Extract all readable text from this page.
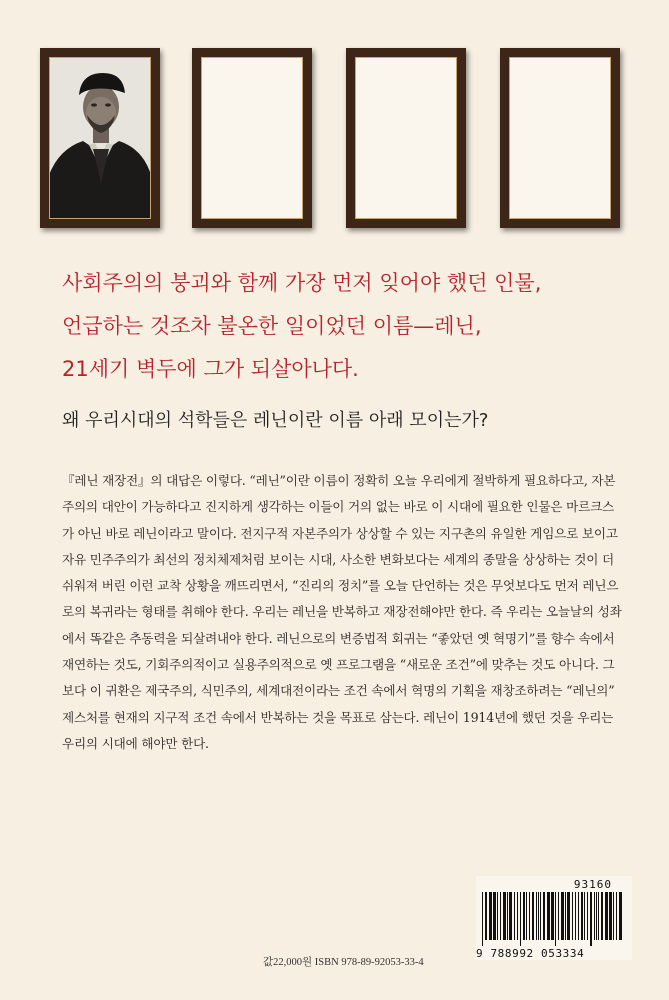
사회주의의 붕괴와 함께 가장 먼저 잊어야 했던 인물,
언급하는 것조차 불온한 일이었던 이름—레닌,
21세기 벽두에 그가 되살아나다.
왜 우리시대의 석학들은 레닌이란 이름 아래 모이는가?

『레닌 재장전』의 대답은 이렇다. “레닌”이란 이름이 정확히 오늘 우리에게 절박하게 필요하다고, 자본주의의 대안이 가능하다고 진지하게 생각하는 이들이 거의 없는 바로 이 시대에 필요한 인물은 마르크스가 아닌 바로 레닌이라고 말이다. 전지구적 자본주의가 상상할 수 있는 지구촌의 유일한 게임으로 보이고 자유 민주주의가 최선의 정치체제처럼 보이는 시대, 사소한 변화보다는 세계의 종말을 상상하는 것이 더 쉬워져 버린 이런 교착 상황을 깨뜨리면서, “진리의 정치”를 오늘 단언하는 것은 무엇보다도 먼저 레닌으로의 복귀라는 형태를 취해야 한다. 우리는 레닌을 반복하고 재장전해야만 한다. 즉 우리는 오늘날의 성좌에서 똑같은 추동력을 되살려내야 한다. 레닌으로의 변증법적 회귀는 “좋았던 옛 혁명기”를 향수 속에서 재연하는 것도, 기회주의적이고 실용주의적으로 옛 프로그램을 “새로운 조건”에 맞추는 것도 아니다. 그보다 이 귀환은 제국주의, 식민주의, 세계대전이라는 조건 속에서 혁명의 기획을 재창조하려는 “레닌의” 제스처를 현재의 지구적 조건 속에서 반복하는 것을 목표로 삼는다. 레닌이 1914년에 했던 것을 우리는 우리의 시대에 해야만 한다.

값22,000원 ISBN 978-89-92053-33-4
93160
9 788992 053334
